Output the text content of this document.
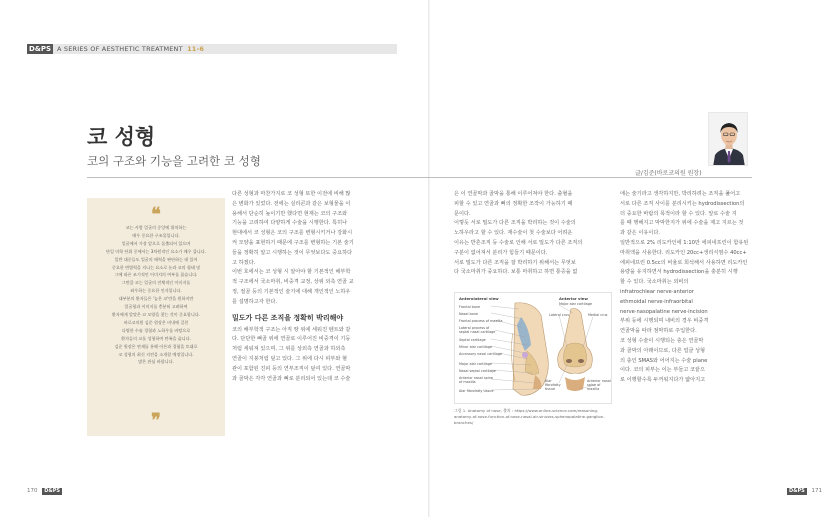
D&PS A SERIES OF AESTHETIC TREATMENT 11-6
코 성형
코의 구조와 기능을 고려한 코 성형
글/김준(바로코의원 원장)
❝
코는 사람 얼굴의 중앙에 위치하는
매우 중요한 구조물입니다.
얼굴에서 가장 앞으로 돌출되어 있으며
단일 미학 단위 중에서는 3차원적인 요소가 매우 큽니다.
일반 대중들도 얼굴의 매력을 판단하는 데 있어
중요한 변별력을 지니는 요소로 눈과 코의 형태 및
그에 따른 조기적인 이미지의 여부를 꼽습니다.
그만큼 코는 얼굴의 전체적인 이미지를
좌우하는 중요한 인자입니다.
대부분의 환자들은 '높은 코'만을 원하지만
얼굴형과 이미지를 충분히 고려하여
환자에게 알맞은 코 모양을 찾는 것이 중요합니다.
바로코의원 김준 원장은 비내에 걸친
다양한 수술 경험과 노하우를 바탕으로
환자들의 코를 성형하여 만족을 줍니다.
김준 원장은 연재를 통해 이론과 경험을 토대로
코 성형의 최신 지견을 소개할 예정입니다.
많은 관심 바랍니다.
❞
다른 성형과 마찬가지로 코 성형 또한 이전에 비해 많
은 변화가 있었다. 전에는 실리콘과 같은 보형물을 이
용해서 단순히 높이기만 했다면 현재는 코의 구조와
기능을 고려하여 다양하게 수술을 시행한다. 특히나
현대에서 코 성형은 코의 구조를 변형시키거나 강화시
켜 모양을 표현하기 때문에 구조를 변형하는 기본 술기
들을 정확히 알고 시행하는 것이 무엇보다도 중요하다
고 하겠다.
이번 호에서는 코 성형 시 알아야 할 기본적인 해부학
적 구조에서 국소마취, 비중격 교정, 상위 외측 연골 교
정, 절골 등의 기본적인 술기에 대해 개인적인 노하우
를 설명하고자 한다.
밀도가 다른 조직을 정확히 박리해야
코의 해부학적 구조는 아직 땅 위에 세워진 텐트와 같
다. 단단한 뼈골 위에 연골로 이루어진 비중격이 기둥
처럼 세워져 있으며, 그 위를 상외측 연골과 하외측
연골이 지붕처럼 덮고 있다. 그 위에 다시 피부와 혈
관이 포함된 진피 등의 연부조직이 덮여 있다. 연골막
과 골막은 각각 연골과 뼈로 분리되어 있는데 코 수술
은 이 연골막과 골막을 통해 이루어져야 한다. 출혈을
피할 수 있고 연골과 뼈의 정확한 조작이 가능하기 때
문이다.
이렇듯 서로 밀도가 다른 조직을 박리하는 것이 수술의
노하우라고 할 수 있다. 재수술이 첫 수술보다 어려운
이유는 반흔조직 등 수술로 인해 서로 밀도가 다른 조직의
구분이 없어져서 분리가 힘들기 때문이다.
서로 밀도가 다른 조직을 잘 박리하기 위해서는 무엇보
다 국소마취가 중요하다. 보통 마취하고 하면 통증을 없
Anterolateral view	Anterior view
Frontal bone
Nasal bone
Frontal process of maxilla
Lateral process of septal nasal cartilage
Septal cartilage
Minor alar cartilage
Accessory nasal cartilage
Major alar cartilage
Nasal septal cartilage
Anterior nasal spine of maxilla
Alar fibrofatty tissue
Major alar cartilage
Lateral crus	Medial crus
Alar fibrofatty tissue
Anterior nasal spine of maxilla
그림 1. Anatomy of nose, 출처 : https://www.online-science.com/reasoning-anatomy-of-nose-function-of-nose-nasal-air-sinuses-sphenopalatine-ganglion-branches/
애는 술기라고 생각하지만, 박리하려는 조직을 풀어고
서로 다른 조직 사이를 분리시키는 hydrodissection의
더 중요한 바람의 목적이라 할 수 있다. 앞로 수술 지
를 때 행해지고 막막한지가 위에 수술을 제고 지르는 것
과 같은 이유이다.
일반적으로 2% 리도카인에 1:10만 에피네프린이 함유된
마취액을 사용한다. 리도카인 20cc+생리식염수 40cc+
에피네프린 0.5cc의 비율로 희석해서 사용하면 리도카인
용량을 유지하면서 hydrodissection을 충분히 시행
할 수 있다. 국소마취는 외비의
infratrochlear nerve·anterior
ethmoidal nerve·infraorbital
nerve·nasopalatine nerve·incision
부위 등에 시행되며 내비의 경우 비중격
연골막을 따라 점막하로 주입한다.
코 성형 수술이 시행되는 층은 연골막
과 골막의 아래이므로, 다른 얼굴 성형
의 층인 SMAS와 어어지는 수술 plane
이다. 코의 피부는 이는 부들고 코끝으
로 이행할수록 두꺼워지다가 얇아지고
170 D&PS	D&PS 171
